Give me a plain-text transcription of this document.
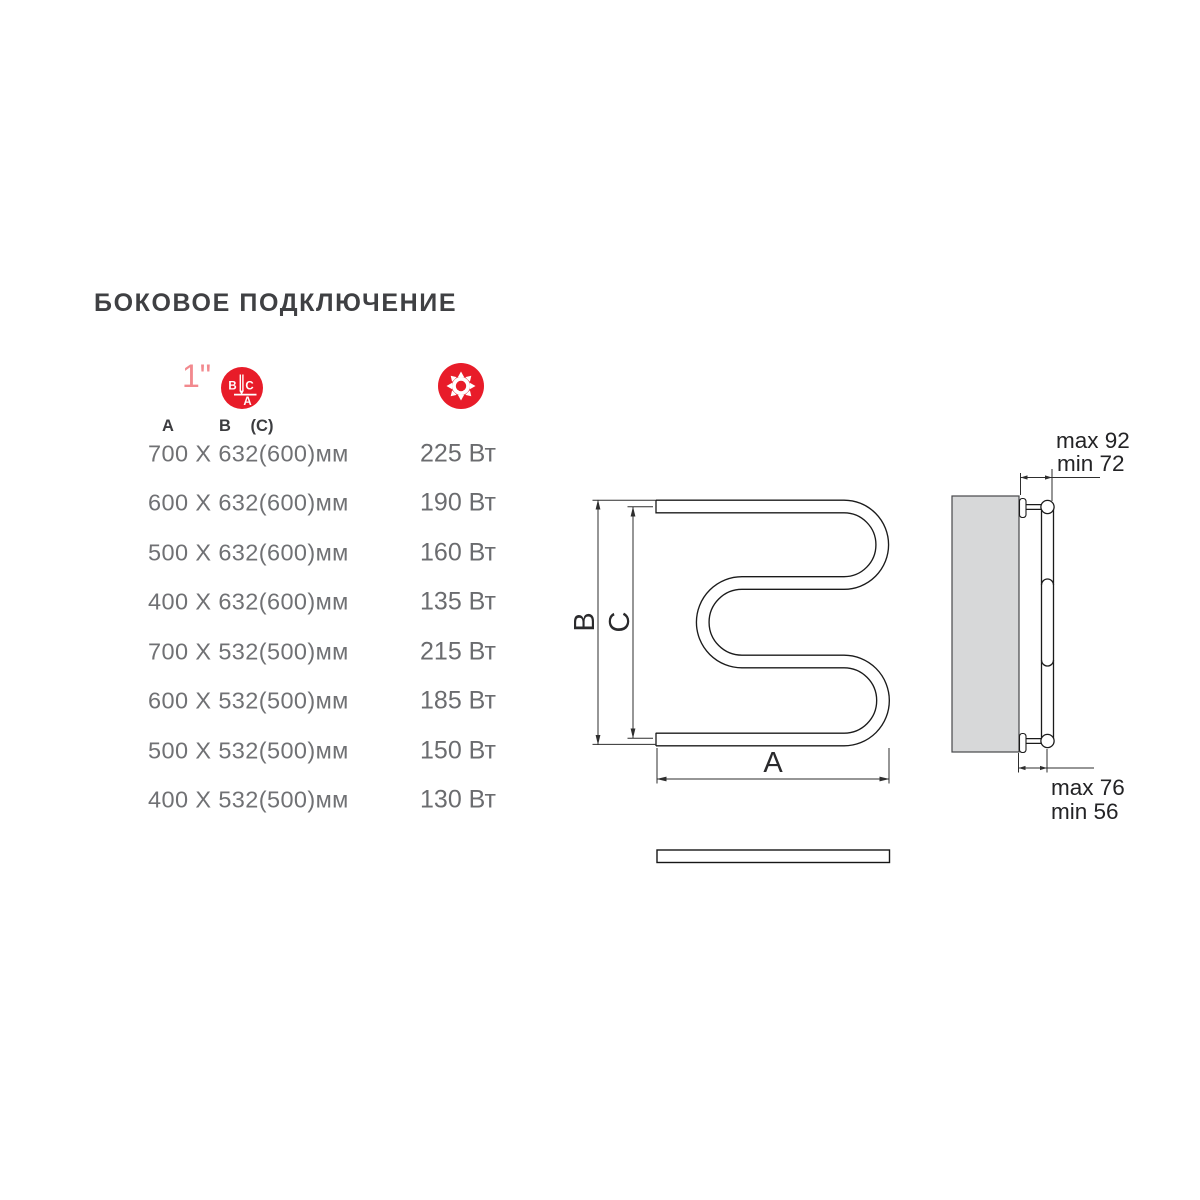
БОКОВОЕ ПОДКЛЮЧЕНИЕ
1" B C
A
A	B	(C)
700 X 632(600)мм	225 Вт
600 X 632(600)мм	190 Вт
500 X 632(600)мм	160 Вт
400 X 632(600)мм	135 Вт
700 X 532(500)мм	215 Вт
600 X 532(500)мм	185 Вт
500 X 532(500)мм	150 Вт
400 X 532(500)мм	130 Вт
B C
A
max 92
min 72
max 76
min 56
